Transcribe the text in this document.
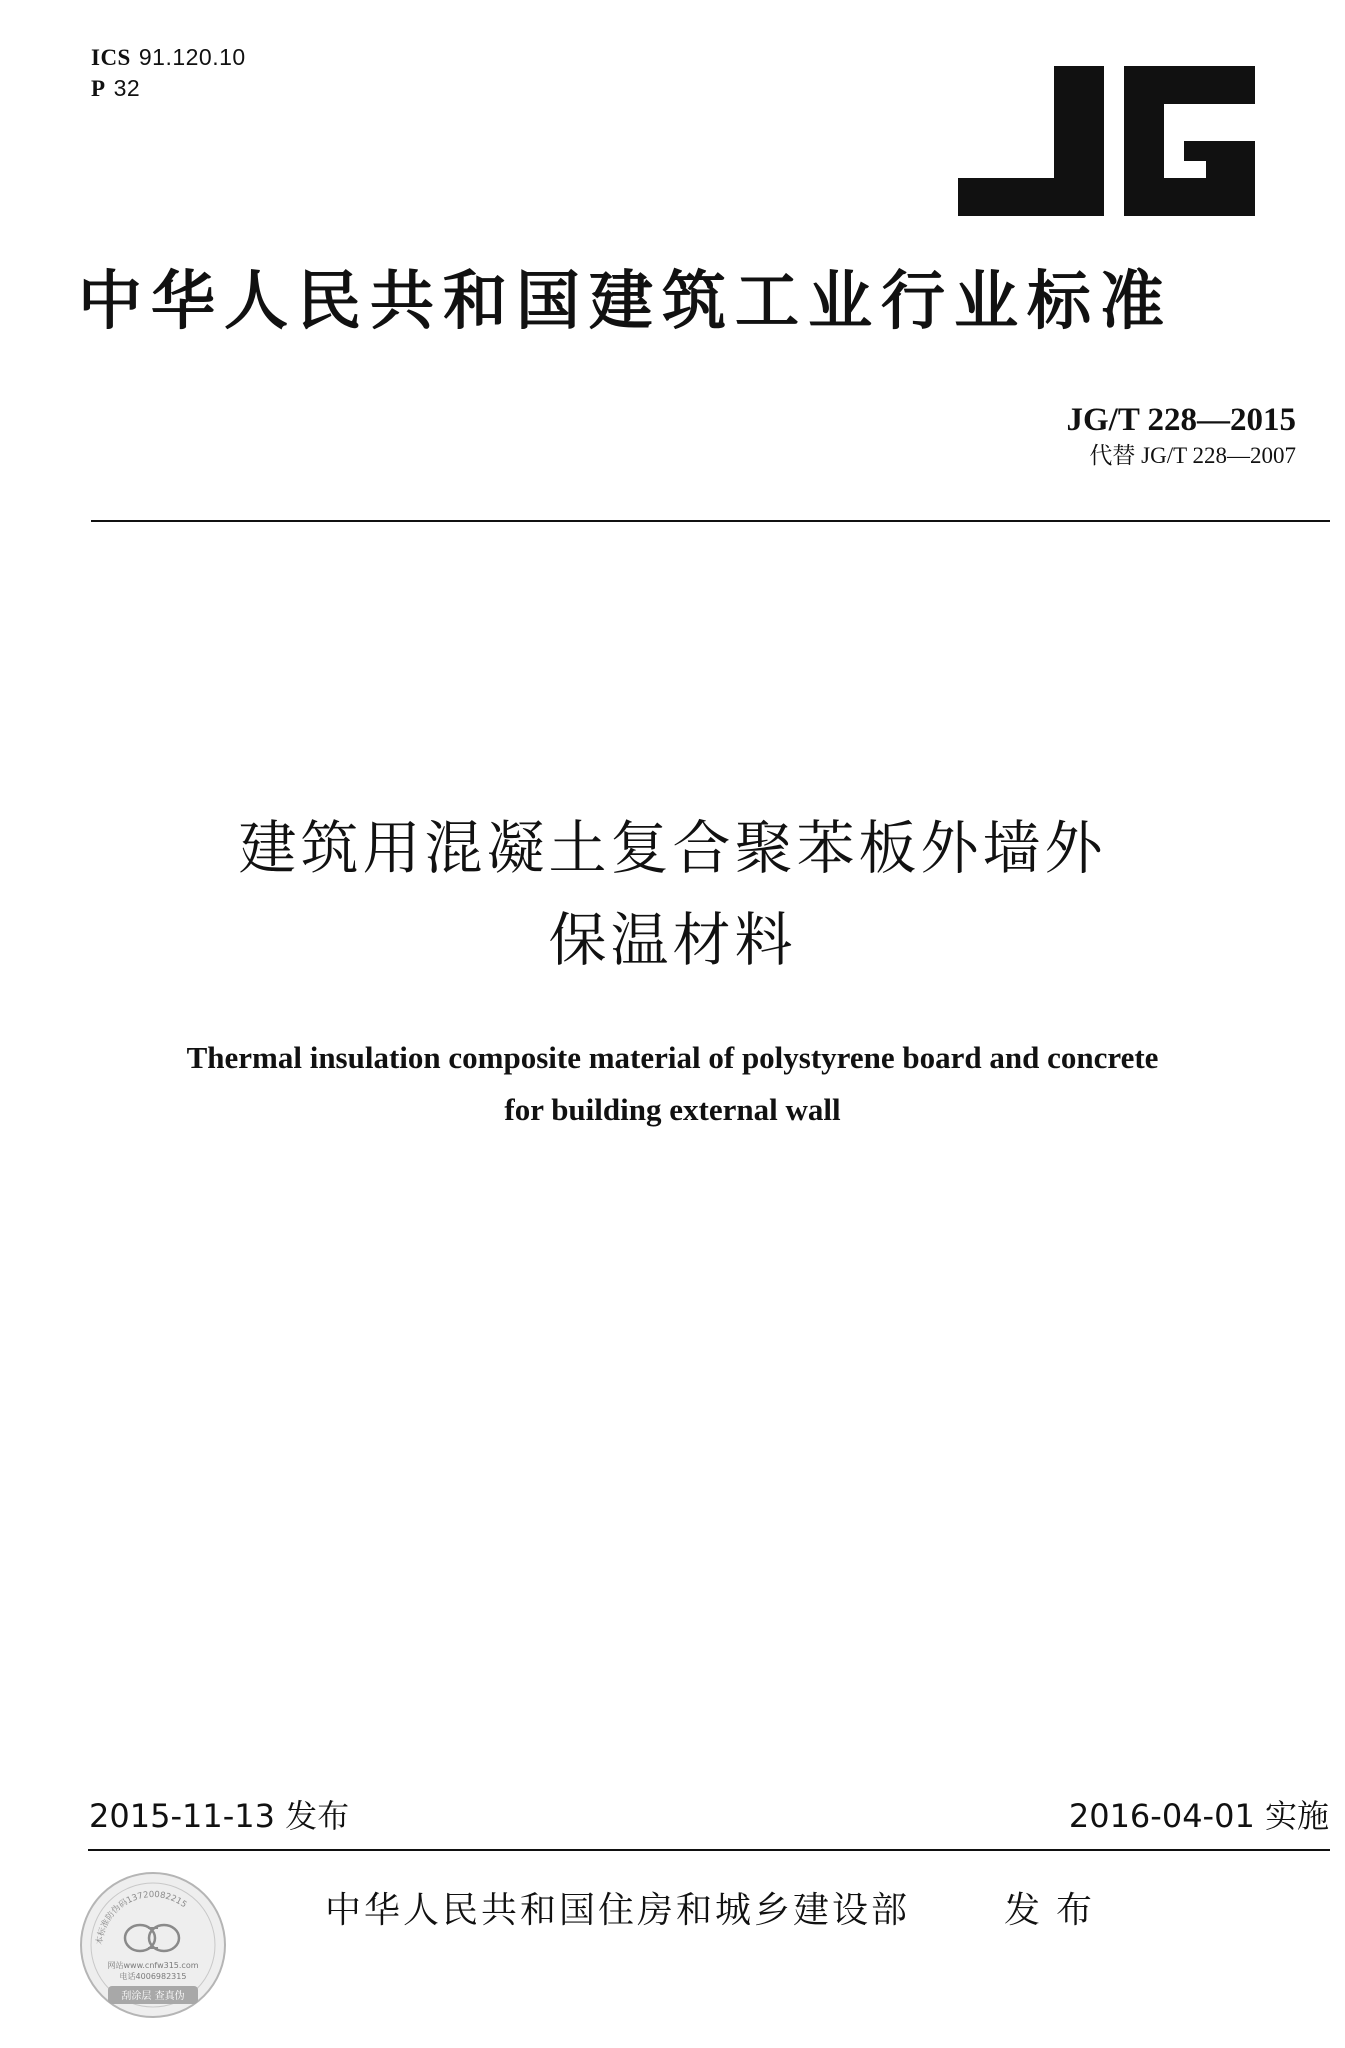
ICS 91.120.10
P 32
中华人民共和国建筑工业行业标准
JG/T 228—2015
代替 JG/T 228—2007
建筑用混凝土复合聚苯板外墙外
保温材料
Thermal insulation composite material of polystyrene board and concrete
for building external wall
2015-11-13 发布	2016-04-01 实施
中华人民共和国住房和城乡建设部	发布
本标准防伪码13720082215
网站www.cnfw315.com
电话4006982315
刮涂层 查真伪
